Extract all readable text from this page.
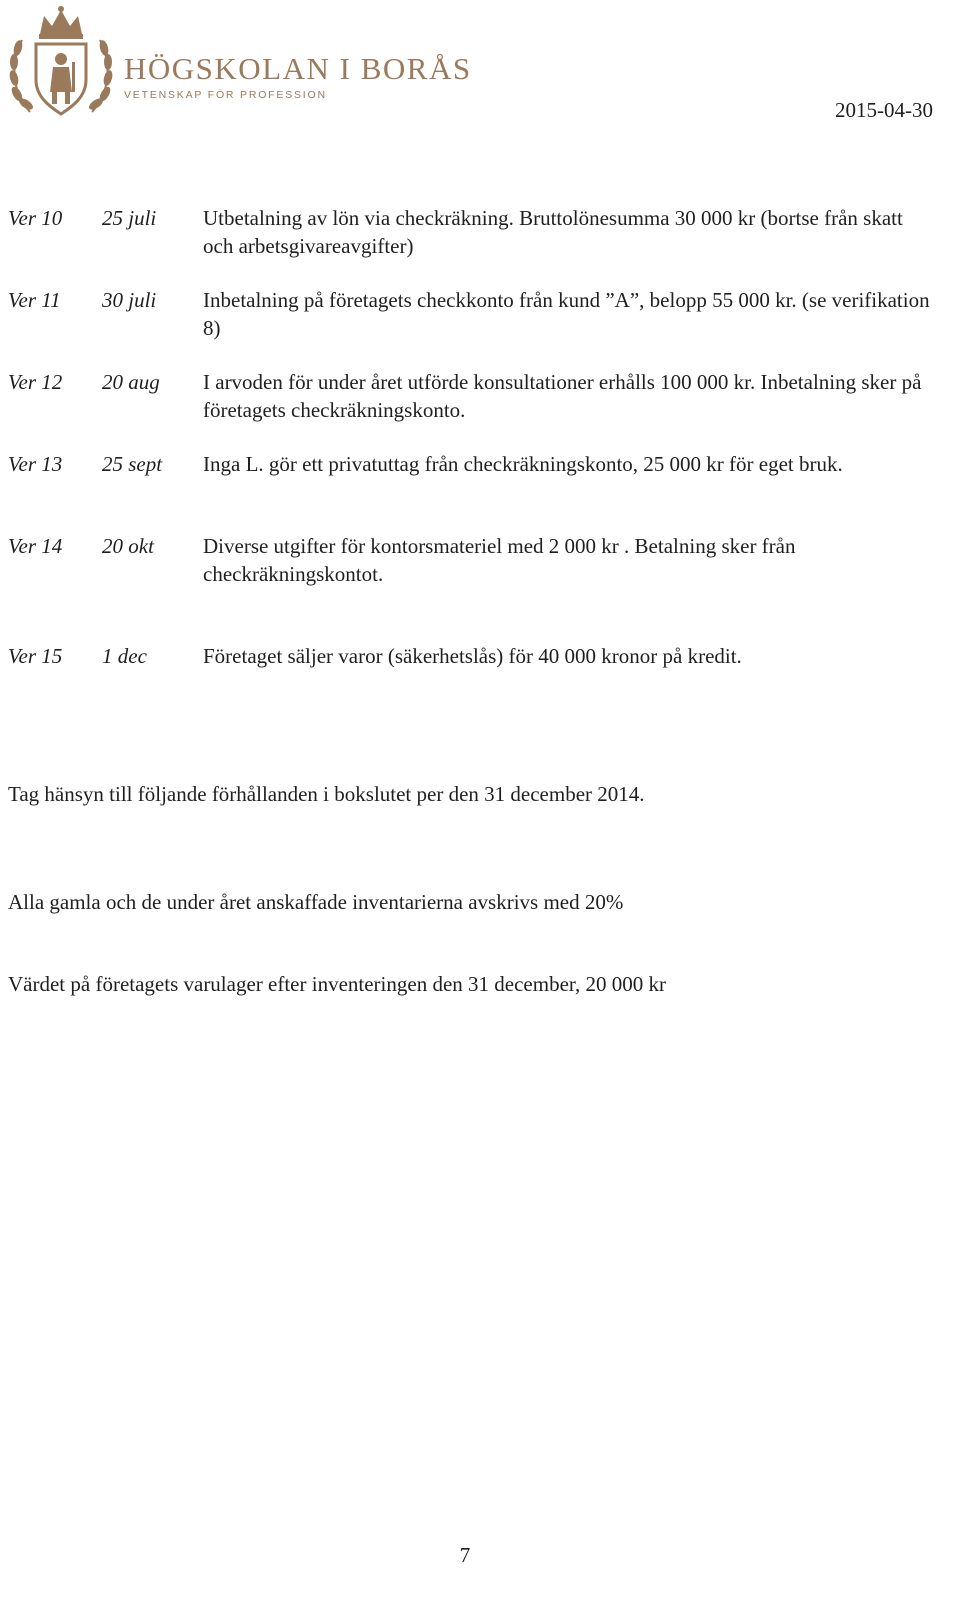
HÖGSKOLAN I BORÅS
VETENSKAP FÖR PROFESSION
2015-04-30
Ver 10 25 juli Utbetalning av lön via checkräkning. Bruttolönesumma 30 000 kr (bortse från skatt och arbetsgivareavgifter)
Ver 11 30 juli Inbetalning på företagets checkkonto från kund ”A”, belopp 55 000 kr. (se verifikation 8)
Ver 12 20 aug I arvoden för under året utförde konsultationer erhålls 100 000 kr. Inbetalning sker på företagets checkräkningskonto.
Ver 13 25 sept Inga L. gör ett privatuttag från checkräkningskonto, 25 000 kr för eget bruk.
Ver 14 20 okt Diverse utgifter för kontorsmateriel med 2 000 kr . Betalning sker från checkräkningskontot.
Ver 15 1 dec	Företaget säljer varor (säkerhetslås) för 40 000 kronor på kredit.
Tag hänsyn till följande förhållanden i bokslutet per den 31 december 2014.
Alla gamla och de under året anskaffade inventarierna avskrivs med 20%
Värdet på företagets varulager efter inventeringen den 31 december, 20 000 kr
7
